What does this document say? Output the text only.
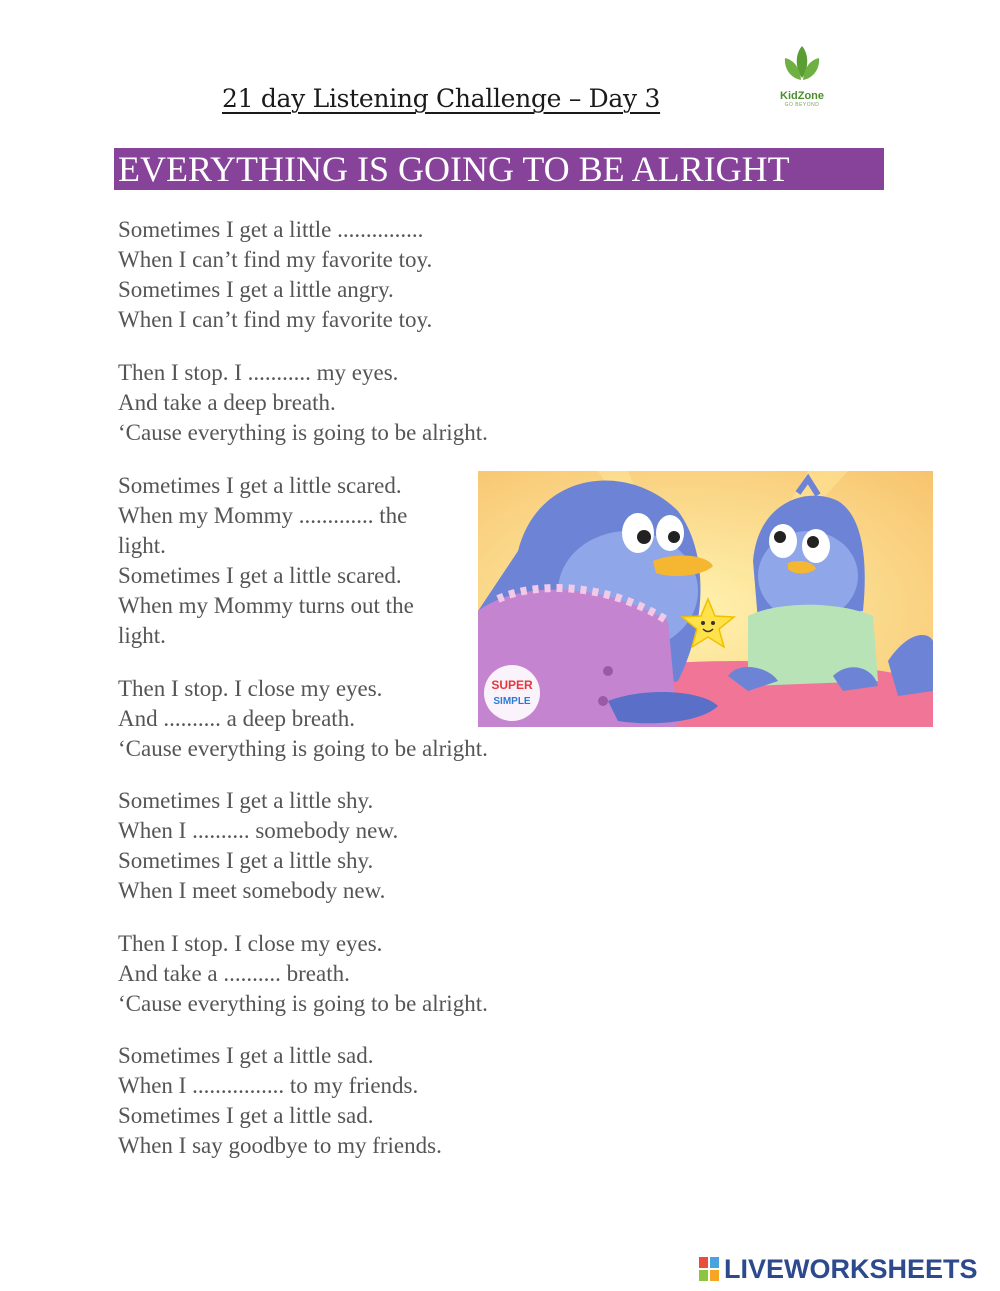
21 day Listening Challenge – Day 3	KidZone
GO BEYOND
EVERYTHING IS GOING TO BE ALRIGHT
Sometimes I get a little ...............
When I can’t find my favorite toy.
Sometimes I get a little angry.
When I can’t find my favorite toy.
Then I stop. I ........... my eyes.
And take a deep breath.
‘Cause everything is going to be alright.
Sometimes I get a little scared.
When my Mommy ............. the light.
Sometimes I get a little scared.
When my Mommy turns out the light.
Then I stop. I close my eyes.
And .......... a deep breath.
‘Cause everything is going to be alright.
Sometimes I get a little shy.
When I .......... somebody new.
Sometimes I get a little shy.
When I meet somebody new.
Then I stop. I close my eyes.
And take a .......... breath.
‘Cause everything is going to be alright.
Sometimes I get a little sad.
When I ................ to my friends.
Sometimes I get a little sad.
When I say goodbye to my friends.
SUPER
SIMPLE
LIVEWORKSHEETS
